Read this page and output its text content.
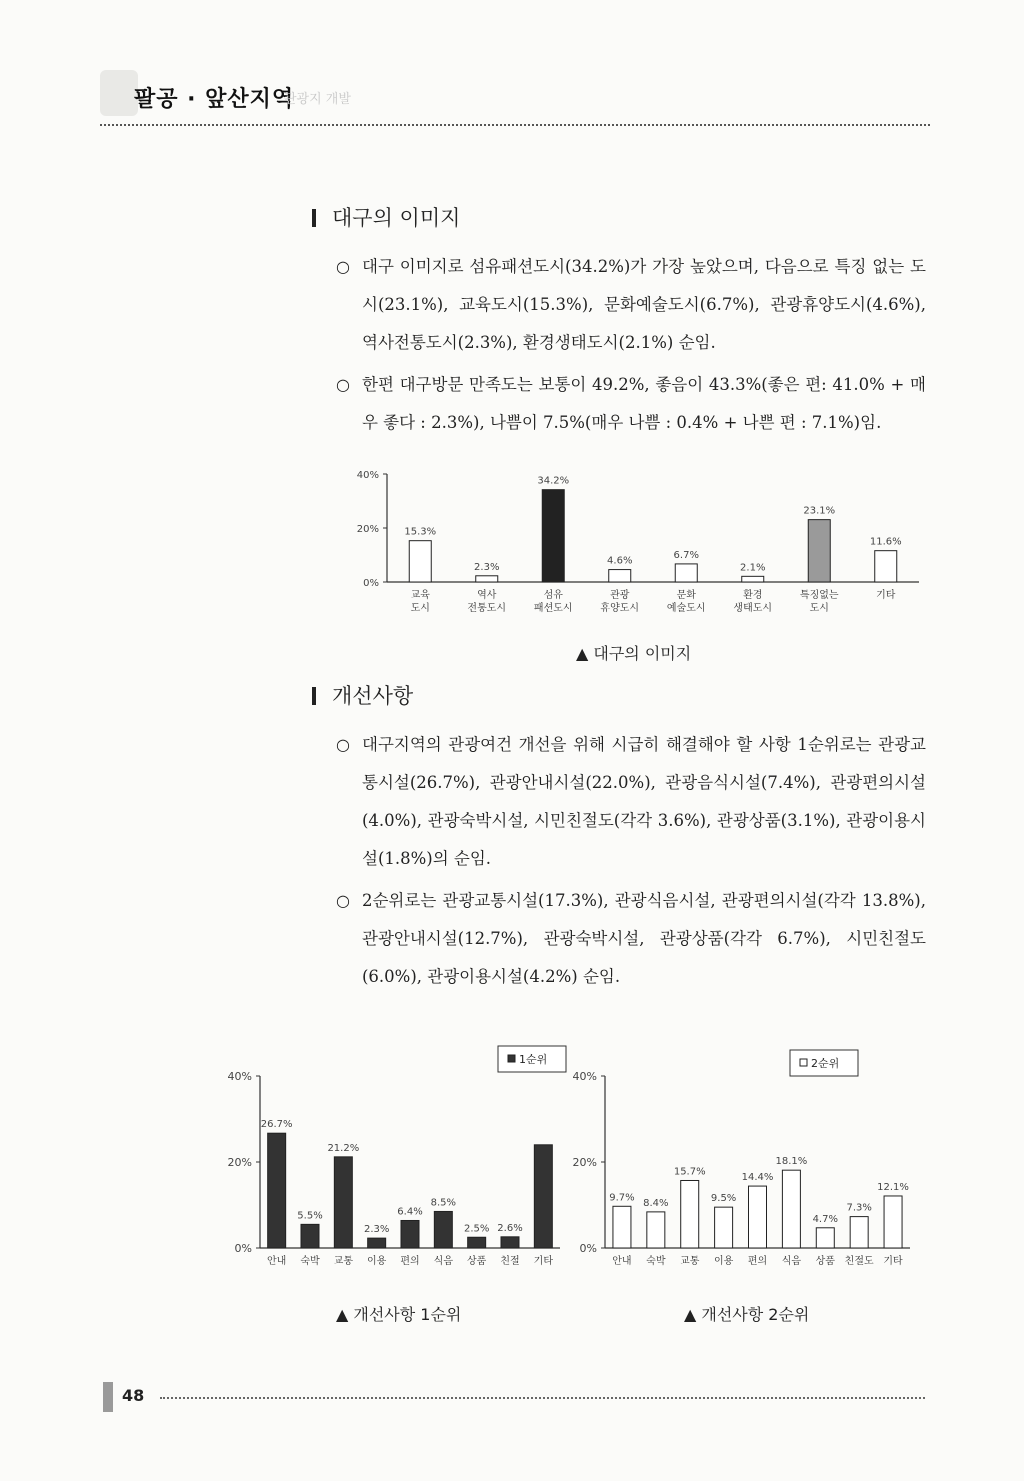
팔공 · 앞산지역
관광지 개발
대구의 이미지
○ 대구 이미지로 섬유패션도시(34.2%)가 가장 높았으며, 다음으로 특징 없는 도시(23.1%), 교육도시(15.3%), 문화예술도시(6.7%), 관광휴양도시(4.6%), 역사전통도시(2.3%), 환경생태도시(2.1%) 순임.
○ 한편 대구방문 만족도는 보통이 49.2%, 좋음이 43.3%(좋은 편: 41.0% + 매우 좋다 : 2.3%), 나쁨이 7.5%(매우 나쁨 : 0.4% + 나쁜 편 : 7.1%)임.
40%
20%
0%
15.3%
교육
도시
2.3%
역사
전통도시
34.2%
섬유
패션도시
4.6%
관광
휴양도시
6.7%
문화
예술도시
2.1%
환경
생태도시
23.1%
특징없는
도시
11.6%
기타
▲ 대구의 이미지
개선사항
○ 대구지역의 관광여건 개선을 위해 시급히 해결해야 할 사항 1순위로는 관광교통시설(26.7%), 관광안내시설(22.0%), 관광음식시설(7.4%), 관광편의시설(4.0%), 관광숙박시설, 시민친절도(각각 3.6%), 관광상품(3.1%), 관광이용시설(1.8%)의 순임.
○ 2순위로는 관광교통시설(17.3%), 관광식음시설, 관광편의시설(각각 13.8%), 관광안내시설(12.7%), 관광숙박시설, 관광상품(각각 6.7%), 시민친절도(6.0%), 관광이용시설(4.2%) 순임.
40%
20%
0%
26.7%
안내
5.5%
숙박
21.2%
교통
2.3%
이용
6.4%
편의
8.5%
식음
2.5%
상품
2.6%
친절 기타
1순위
40%
20%
0%
9.7%
안내
8.4%
숙박
15.7%
교통
9.5%
이용
14.4%
편의
18.1%
식음
4.7%
상품
7.3%
친절도
12.1%
기타
2순위
▲ 개선사항 1순위	▲ 개선사항 2순위
48
